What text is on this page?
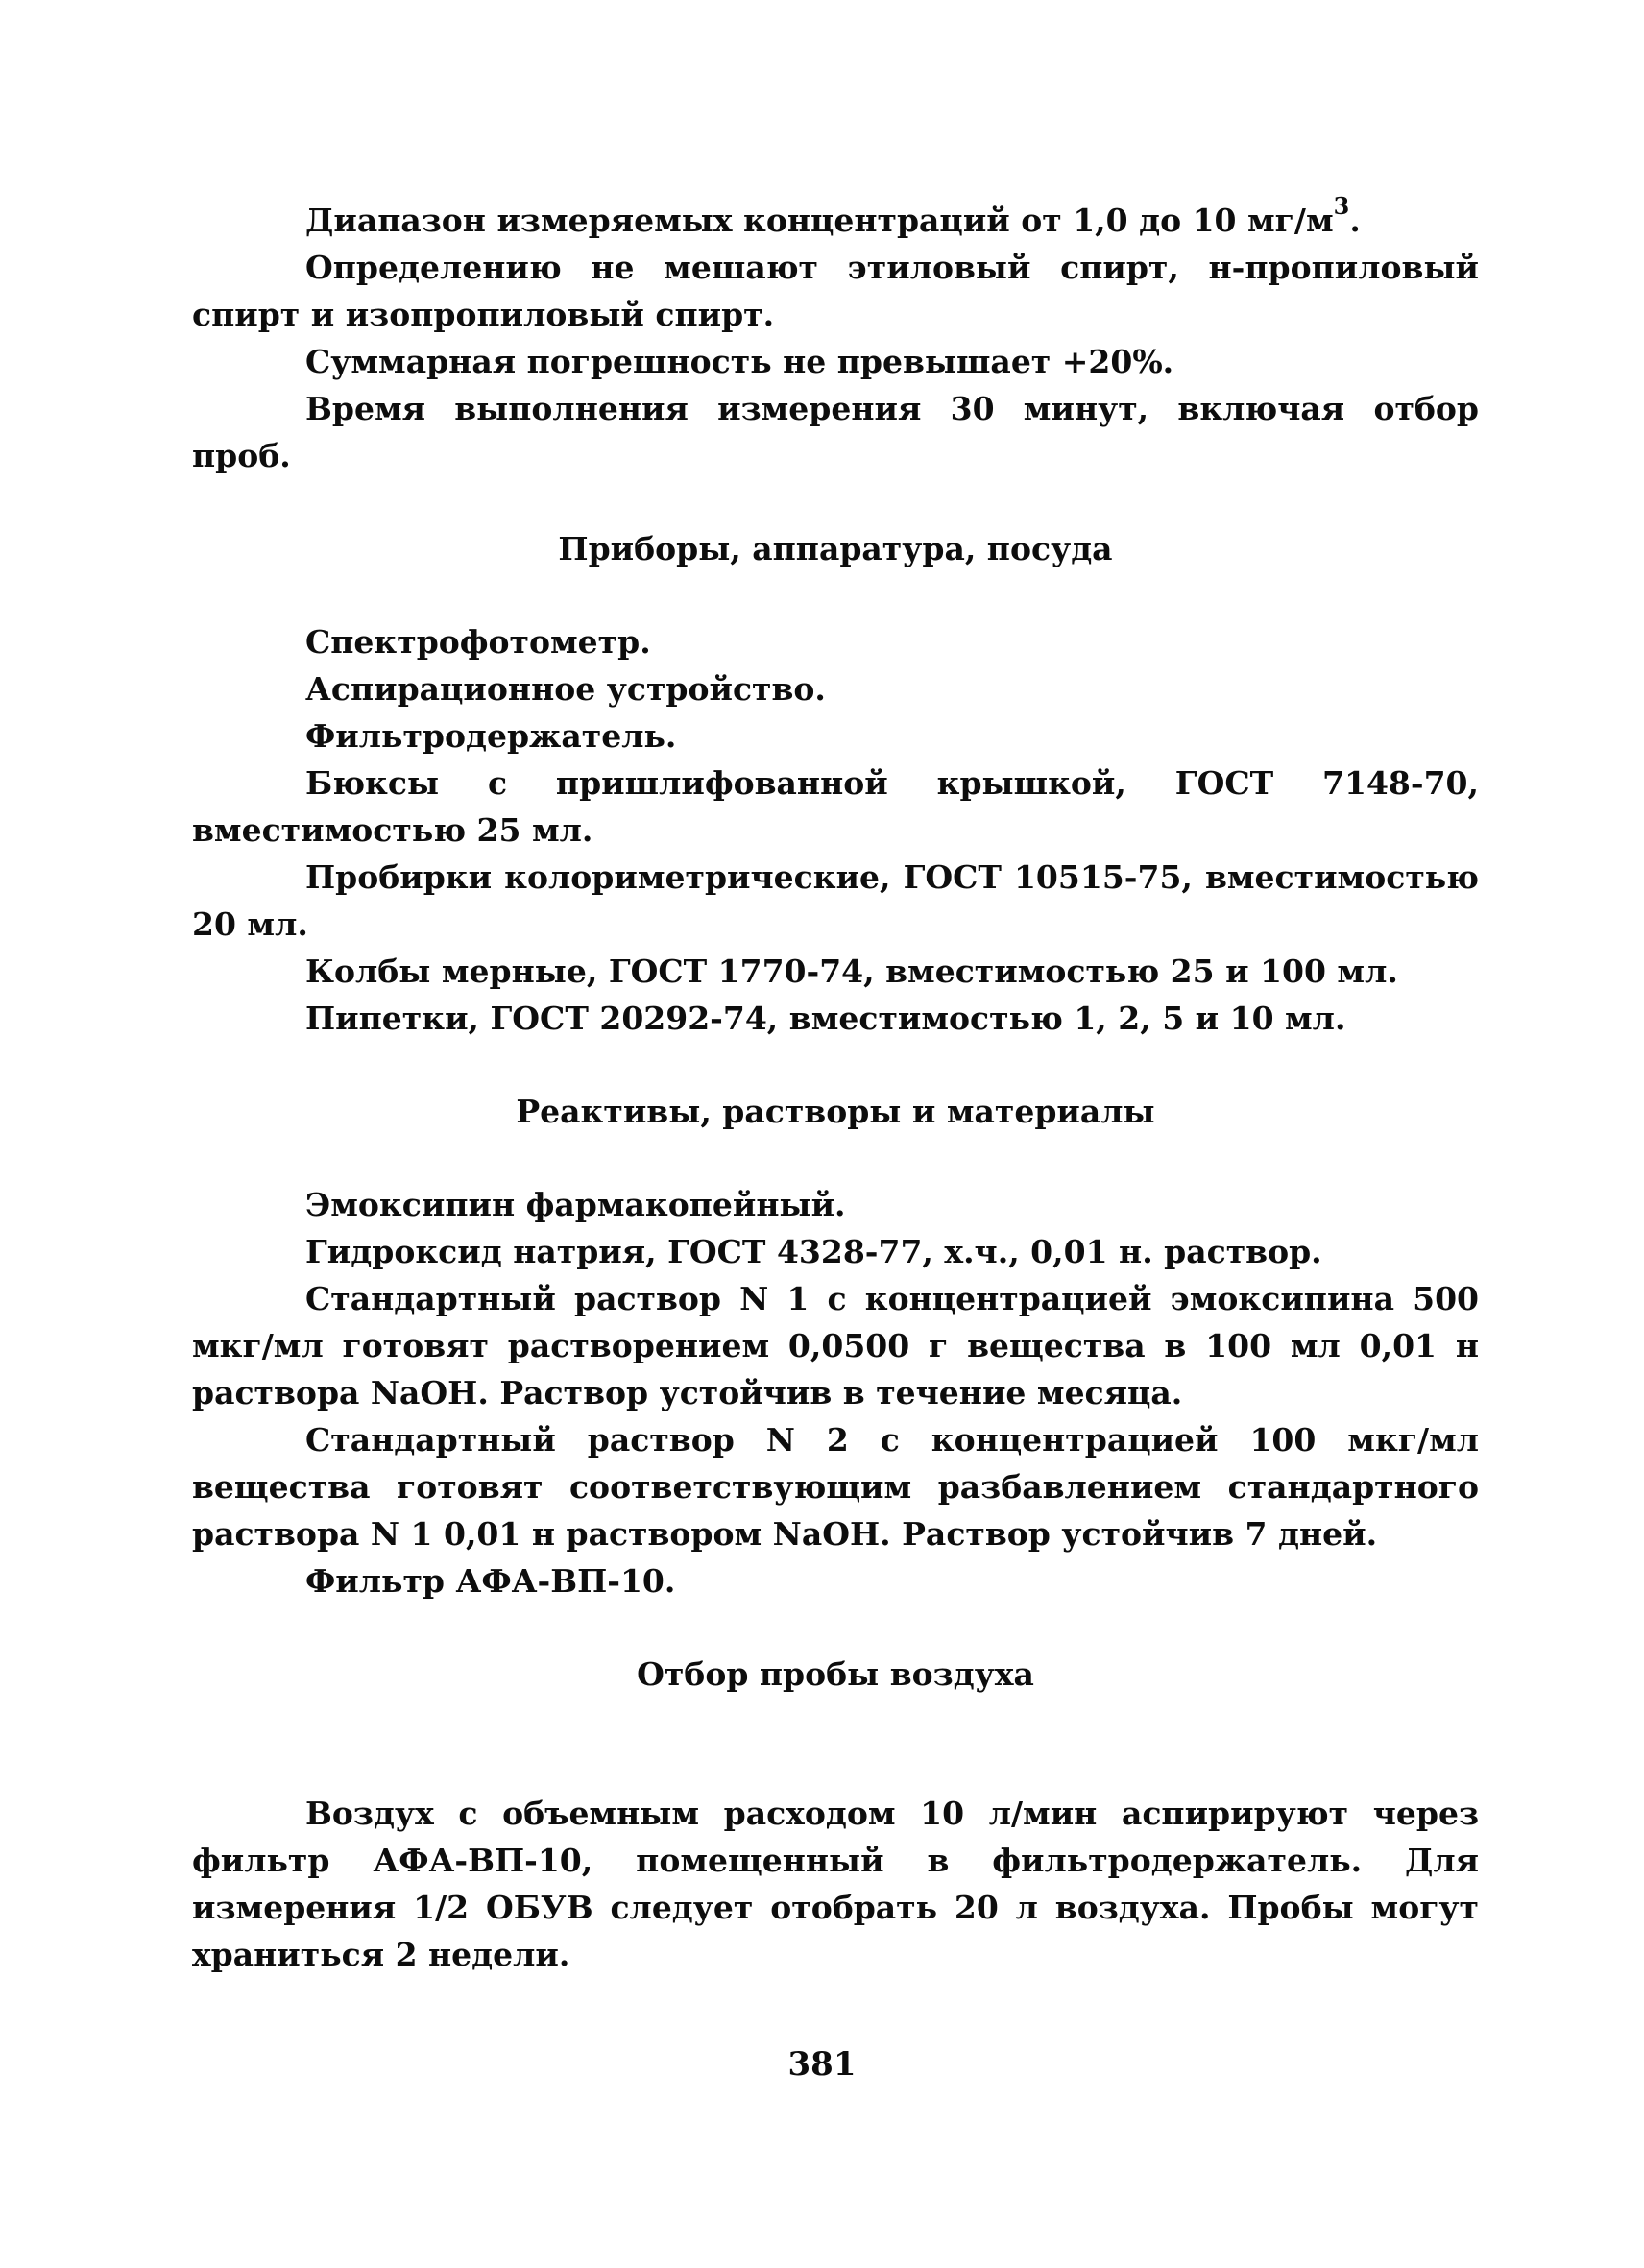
Диапазон измеряемых концентраций от 1,0 до 10 $мг/м^3$.

Определению не мешают этиловый спирт, н-пропиловый спирт и изопропиловый спирт.

Суммарная погрешность не превышает +20%.

Время выполнения измерения 30 минут, включая отбор проб.

Приборы, аппаратура, посуда

Спектрофотометр.

Аспирационное устройство.

Фильтродержатель.

Бюксы с пришлифованной крышкой, ГОСТ 7148-70, вместимостью 25 мл.

Пробирки колориметрические, ГОСТ 10515-75, вместимостью 20 мл.

Колбы мерные, ГОСТ 1770-74, вместимостью 25 и 100 мл.

Пипетки, ГОСТ 20292-74, вместимостью 1, 2, 5 и 10 мл.

Реактивы, растворы и материалы

Эмоксипин фармакопейный.

Гидроксид натрия, ГОСТ 4328-77, х.ч., 0,01 н. раствор.

Стандартный раствор N 1 с концентрацией эмоксипина 500 мкг/мл готовят растворением 0,0500 г вещества в 100 мл 0,01 н раствора NaOH. Раствор устойчив в течение месяца.

Стандартный раствор N 2 с концентрацией 100 мкг/мл вещества готовят соответствующим разбавлением стандартного раствора N 1 0,01 н раствором NaOH. Раствор устойчив 7 дней.

Фильтр АФА-ВП-10.

Отбор пробы воздуха

Воздух с объемным расходом 10 л/мин аспирируют через фильтр АФА-ВП-10, помещенный в фильтродержатель. Для измерения 1/2 ОБУВ следует отобрать 20 л воздуха. Пробы могут храниться 2 недели.

381
